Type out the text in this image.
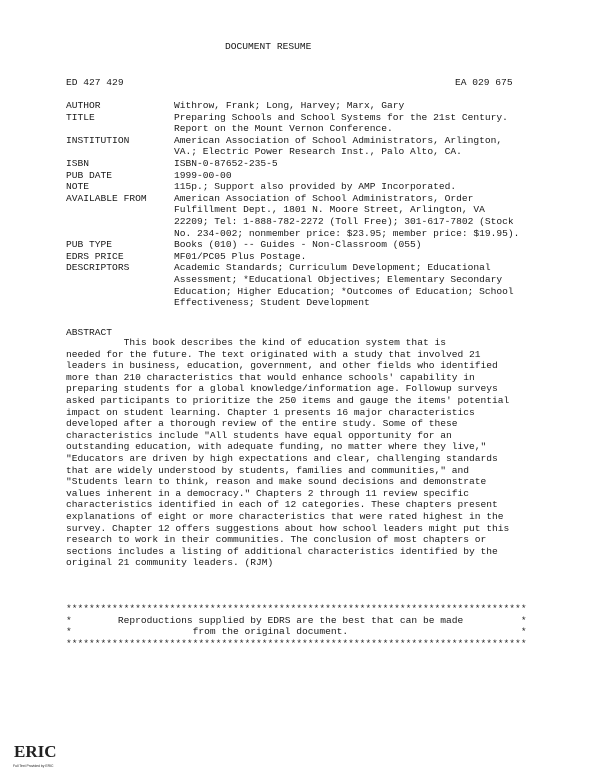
DOCUMENT RESUME
ED 427 429	EA 029 675
AUTHOR	Withrow, Frank; Long, Harvey; Marx, Gary
TITLE	Preparing Schools and School Systems for the 21st Century.
Report on the Mount Vernon Conference.
INSTITUTION	American Association of School Administrators, Arlington,
VA.; Electric Power Research Inst., Palo Alto, CA.
ISBN	ISBN-0-87652-235-5
PUB DATE	1999-00-00
NOTE	115p.; Support also provided by AMP Incorporated.
AVAILABLE FROM	American Association of School Administrators, Order
Fulfillment Dept., 1801 N. Moore Street, Arlington, VA
22209; Tel: 1-888-782-2272 (Toll Free); 301-617-7802 (Stock
No. 234-002; nonmember price: $23.95; member price: $19.95).
PUB TYPE	Books (010) -- Guides - Non-Classroom (055)
EDRS PRICE	MF01/PC05 Plus Postage.
DESCRIPTORS	Academic Standards; Curriculum Development; Educational
Assessment; *Educational Objectives; Elementary Secondary
Education; Higher Education; *Outcomes of Education; School
Effectiveness; Student Development
ABSTRACT
This book describes the kind of education system that is
needed for the future. The text originated with a study that involved 21
leaders in business, education, government, and other fields who identified
more than 210 characteristics that would enhance schools' capability in
preparing students for a global knowledge/information age. Followup surveys
asked participants to prioritize the 250 items and gauge the items' potential
impact on student learning. Chapter 1 presents 16 major characteristics
developed after a thorough review of the entire study. Some of these
characteristics include "All students have equal opportunity for an
outstanding education, with adequate funding, no matter where they live,"
"Educators are driven by high expectations and clear, challenging standards
that are widely understood by students, families and communities," and
"Students learn to think, reason and make sound decisions and demonstrate
values inherent in a democracy." Chapters 2 through 11 review specific
characteristics identified in each of 12 categories. These chapters present
explanations of eight or more characteristics that were rated highest in the
survey. Chapter 12 offers suggestions about how school leaders might put this
research to work in their communities. The conclusion of most chapters or
sections includes a listing of additional characteristics identified by the
original 21 community leaders. (RJM)
********************************************************************************
*        Reproductions supplied by EDRS are the best that can be made          *
*                     from the original document.                              *
********************************************************************************
ERIC
Full Text Provided by ERIC
